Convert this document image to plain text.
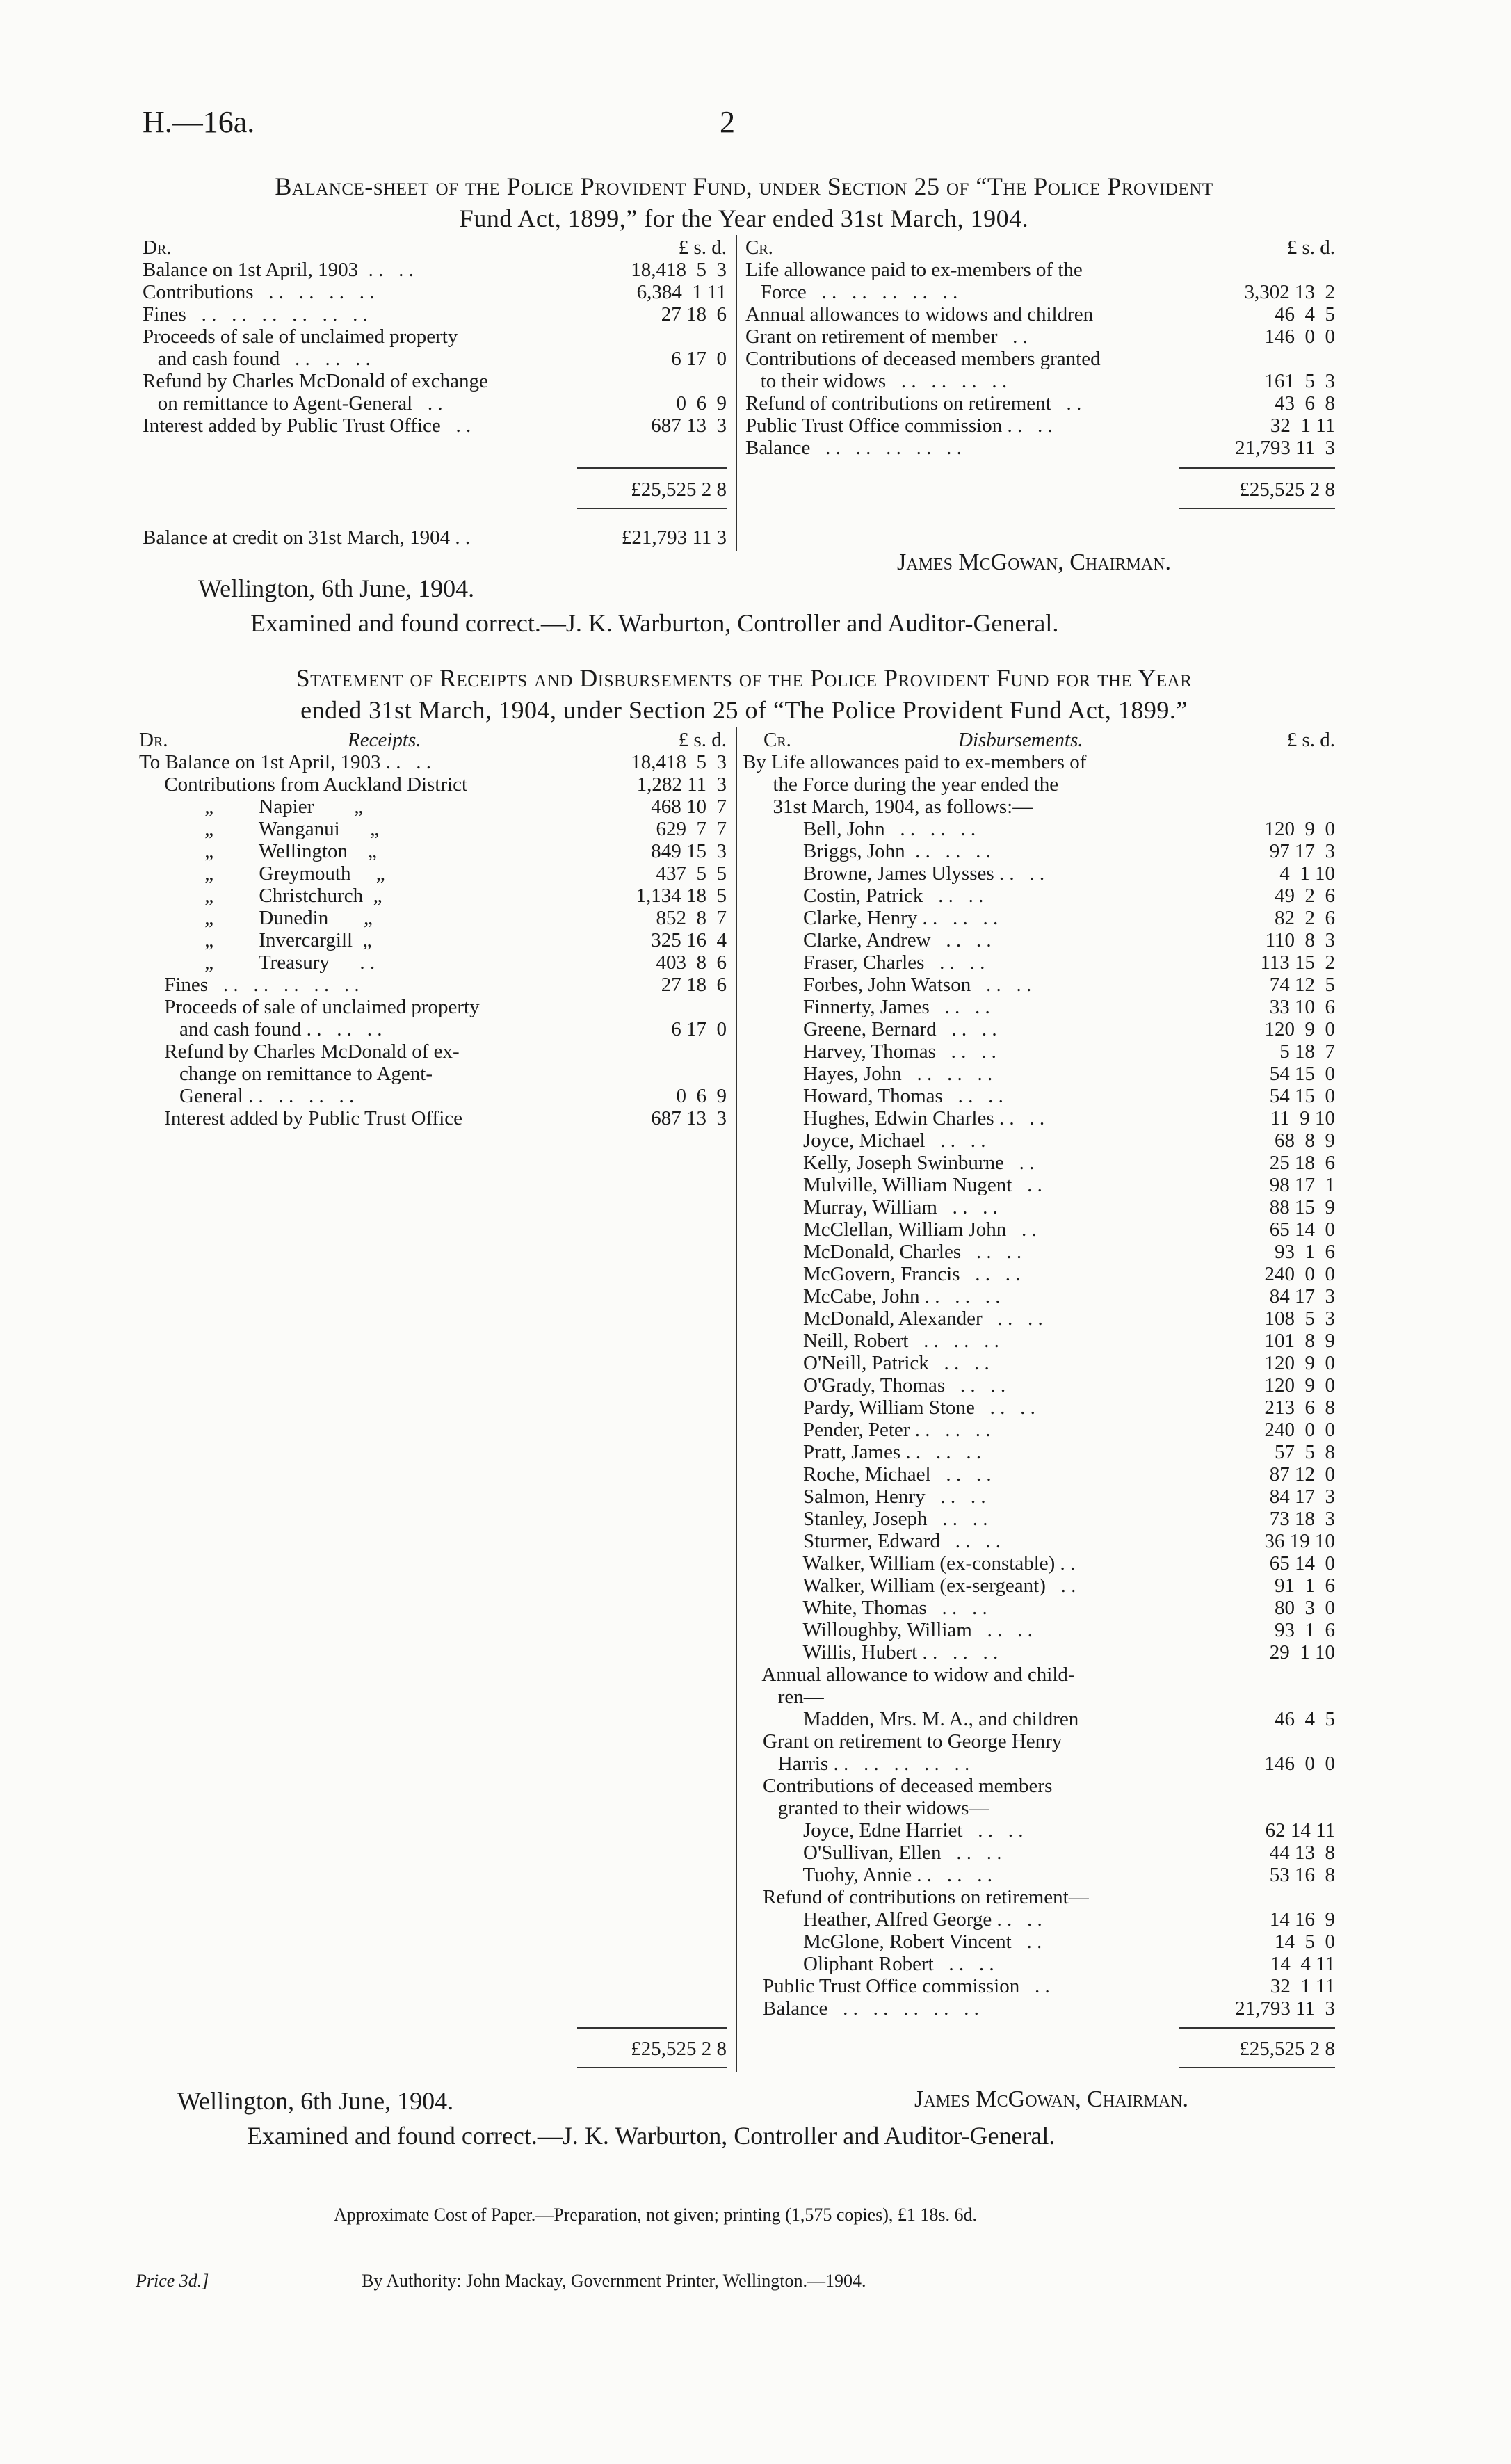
H.—16a.	2
Balance-sheet of the Police Provident Fund, under Section 25 of “The Police Provident
Fund Act, 1899,” for the Year ended 31st March, 1904.
Dr.	£ s. d.
Balance on 1st April, 1903  . .   . .	18,418  5  3
Contributions   . .   . .   . .   . .	6,384  1 11
Fines   . .   . .   . .   . .   . .   . .	27 18  6
Proceeds of sale of unclaimed property
and cash found   . .   . .   . .	6 17  0
Refund by Charles McDonald of exchange
on remittance to Agent-General   . .	0  6  9
Interest added by Public Trust Office   . .	687 13  3
Cr.	£ s. d.
Life allowance paid to ex-members of the
Force   . .   . .   . .   . .   . .	3,302 13  2
Annual allowances to widows and children	46  4  5
Grant on retirement of member   . .	146  0  0
Contributions of deceased members granted
to their widows   . .   . .   . .   . .	161  5  3
Refund of contributions on retirement   . .	43  6  8
Public Trust Office commission . .   . .	32  1 11
Balance   . .   . .   . .   . .   . .	21,793 11  3
£25,525 2 8	£25,525 2 8
Balance at credit on 31st March, 1904 . .	£21,793 11 3
James McGowan, Chairman.
Wellington, 6th June, 1904.
Examined and found correct.—J. K. Warburton, Controller and Auditor-General.
Statement of Receipts and Disbursements of the Police Provident Fund for the Year
ended 31st March, 1904, under Section 25 of “The Police Provident Fund Act, 1899.”
Dr.	Receipts.	£ s. d.
To Balance on 1st April, 1903 . .   . .	18,418  5  3
Contributions from Auckland District	1,282 11  3
„         Napier        „	468 10  7
„         Wanganui      „	629  7  7
„         Wellington    „	849 15  3
„         Greymouth     „	437  5  5
„         Christchurch  „	1,134 18  5
„         Dunedin       „	852  8  7
„         Invercargill  „	325 16  4
„         Treasury      . .	403  8  6
Fines   . .   . .   . .   . .   . .	27 18  6
Proceeds of sale of unclaimed property
and cash found . .   . .   . .	6 17  0
Refund by Charles McDonald of ex-
change on remittance to Agent-
General . .   . .   . .   . .	0  6  9
Interest added by Public Trust Office	687 13  3
Cr.	Disbursements.	£ s. d.
By Life allowances paid to ex-members of
the Force during the year ended the
31st March, 1904, as follows:—
Bell, John   . .   . .   . .	120  9  0
Briggs, John  . .   . .   . .	97 17  3
Browne, James Ulysses . .   . .	4  1 10
Costin, Patrick   . .   . .	49  2  6
Clarke, Henry . .   . .   . .	82  2  6
Clarke, Andrew   . .   . .	110  8  3
Fraser, Charles   . .   . .	113 15  2
Forbes, John Watson   . .   . .	74 12  5
Finnerty, James   . .   . .	33 10  6
Greene, Bernard   . .   . .	120  9  0
Harvey, Thomas   . .   . .	5 18  7
Hayes, John   . .   . .   . .	54 15  0
Howard, Thomas   . .   . .	54 15  0
Hughes, Edwin Charles . .   . .	11  9 10
Joyce, Michael   . .   . .	68  8  9
Kelly, Joseph Swinburne   . .	25 18  6
Mulville, William Nugent   . .	98 17  1
Murray, William   . .   . .	88 15  9
McClellan, William John   . .	65 14  0
McDonald, Charles   . .   . .	93  1  6
McGovern, Francis   . .   . .	240  0  0
McCabe, John . .   . .   . .	84 17  3
McDonald, Alexander   . .   . .	108  5  3
Neill, Robert   . .   . .   . .	101  8  9
O'Neill, Patrick   . .   . .	120  9  0
O'Grady, Thomas   . .   . .	120  9  0
Pardy, William Stone   . .   . .	213  6  8
Pender, Peter . .   . .   . .	240  0  0
Pratt, James . .   . .   . .	57  5  8
Roche, Michael   . .   . .	87 12  0
Salmon, Henry   . .   . .	84 17  3
Stanley, Joseph   . .   . .	73 18  3
Sturmer, Edward   . .   . .	36 19 10
Walker, William (ex-constable) . .	65 14  0
Walker, William (ex-sergeant)   . .	91  1  6
White, Thomas   . .   . .	80  3  0
Willoughby, William   . .   . .	93  1  6
Willis, Hubert . .   . .   . .	29  1 10
Annual allowance to widow and child-
ren—
Madden, Mrs. M. A., and children	46  4  5
Grant on retirement to George Henry
Harris . .   . .   . .   . .   . .	146  0  0
Contributions of deceased members
granted to their widows—
Joyce, Edne Harriet   . .   . .	62 14 11
O'Sullivan, Ellen   . .   . .	44 13  8
Tuohy, Annie . .   . .   . .	53 16  8
Refund of contributions on retirement—
Heather, Alfred George . .   . .	14 16  9
McGlone, Robert Vincent   . .	14  5  0
Oliphant Robert   . .   . .	14  4 11
Public Trust Office commission   . .	32  1 11
Balance   . .   . .   . .   . .   . .	21,793 11  3
£25,525 2 8	£25,525 2 8
Wellington, 6th June, 1904.	James McGowan, Chairman.
Examined and found correct.—J. K. Warburton, Controller and Auditor-General.
Approximate Cost of Paper.—Preparation, not given; printing (1,575 copies), £1 18s. 6d.
Price 3d.]	By Authority: John Mackay, Government Printer, Wellington.—1904.
